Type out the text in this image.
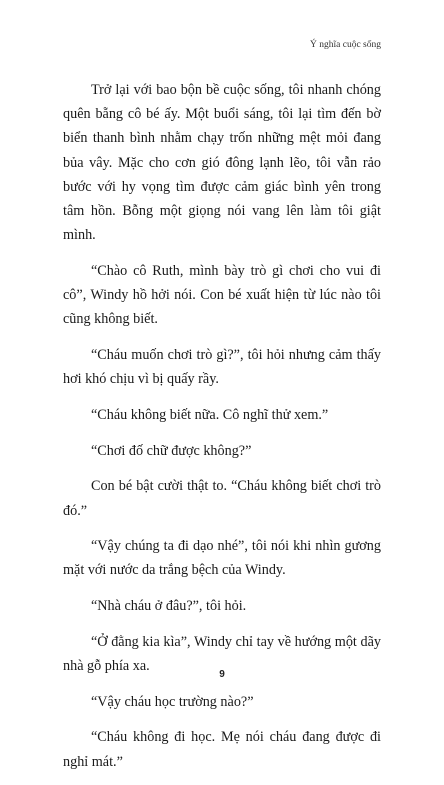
Ý nghĩa cuộc sống

Trở lại với bao bộn bề cuộc sống, tôi nhanh chóng quên bẵng cô bé ấy. Một buổi sáng, tôi lại tìm đến bờ biển thanh bình nhằm chạy trốn những mệt mỏi đang bủa vây. Mặc cho cơn gió đông lạnh lẽo, tôi vẫn rảo bước với hy vọng tìm được cảm giác bình yên trong tâm hồn. Bỗng một giọng nói vang lên làm tôi giật mình.

“Chào cô Ruth, mình bày trò gì chơi cho vui đi cô”, Windy hồ hởi nói. Con bé xuất hiện từ lúc nào tôi cũng không biết.

“Cháu muốn chơi trò gì?”, tôi hỏi nhưng cảm thấy hơi khó chịu vì bị quấy rầy.

“Cháu không biết nữa. Cô nghĩ thử xem.”

“Chơi đố chữ được không?”

Con bé bật cười thật to. “Cháu không biết chơi trò đó.”

“Vậy chúng ta đi dạo nhé”, tôi nói khi nhìn gương mặt với nước da trắng bệch của Windy.

“Nhà cháu ở đâu?”, tôi hỏi.

“Ở đằng kia kìa”, Windy chỉ tay về hướng một dãy nhà gỗ phía xa.

“Vậy cháu học trường nào?”

“Cháu không đi học. Mẹ nói cháu đang được đi nghỉ mát.”

9
